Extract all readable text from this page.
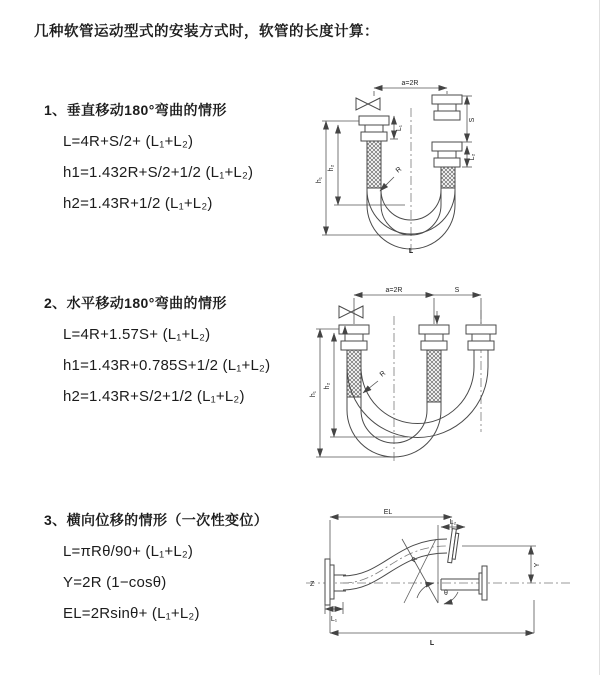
几种软管运动型式的安装方式时，软管的长度计算：
1、垂直移动180°弯曲的情形

L=4R+S/2+ (L₁+L₂)

h1=1.432R+S/2+1/2 (L₁+L₂)

h2=1.43R+1/2 (L₁+L₂)

2、水平移动180°弯曲的情形

L=4R+1.57S+ (L₁+L₂)

h1=1.43R+0.785S+1/2 (L₁+L₂)

h2=1.43R+S/2+1/2 (L₁+L₂)

3、横向位移的情形（一次性变位）

L=πRθ/90+ (L₁+L₂)

Y=2R (1−cosθ)

EL=2Rsinθ+ (L₁+L₂)

a=2R
R
h₁
h₂
S
L₂
L₁
L
a=2R	S
R
h₁
h₂
Z
EL
L₂
θ
R
Y
L₁
L
